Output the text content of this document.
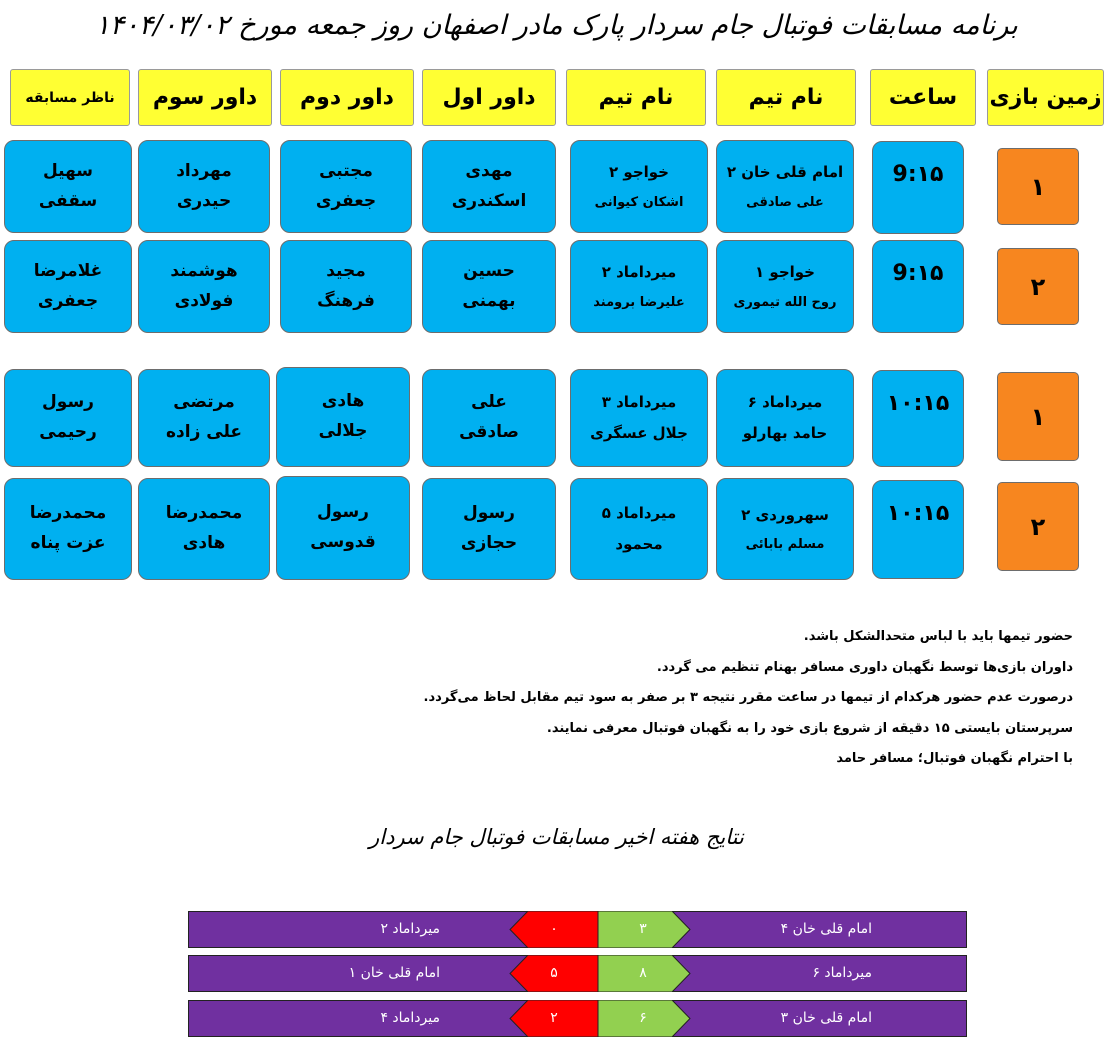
برنامه مسابقات فوتبال جام سردار پارک مادر اصفهان روز جمعه مورخ ۱۴۰۴/۰۳/۰۲
زمین بازی
ساعت
نام تیم
نام تیم
داور اول
داور دوم
داور سوم
ناظر مسابقه
۱
9:۱۵
امام قلی خان ۲
علی صادقی
خواجو ۲
اشکان کیوانی
مهدی
اسکندری
مجتبی
جعفری
مهرداد
حیدری
سهیل
سقفی
۲
9:۱۵
خواجو ۱
روح الله تیموری
میرداماد ۲
علیرضا برومند
حسین
بهمنی
مجید
فرهنگ
هوشمند
فولادی
غلامرضا
جعفری
۱
۱۰:۱۵
میرداماد ۶
حامد بهارلو
میرداماد ۳
جلال عسگری
علی
صادقی
هادی
جلالی
مرتضی
علی زاده
رسول
رحیمی
۲
۱۰:۱۵
سهروردی ۲
مسلم بابائی
میرداماد ۵
محمود
رسول
حجازی
رسول
قدوسی
محمدرضا
هادی
محمدرضا
عزت پناه
حضور تیمها باید با لباس متحدالشکل باشد.
داوران بازی‌ها توسط نگهبان داوری مسافر بهنام تنظیم می گردد.
درصورت عدم حضور هرکدام از تیمها در ساعت مقرر نتیجه ۳ بر صفر به سود تیم مقابل لحاظ می‌گردد.
سرپرستان بایستی ۱۵ دقیقه از شروع بازی خود را به نگهبان فوتبال معرفی نمایند.
با احترام نگهبان فوتبال؛ مسافر حامد
نتایج هفته اخیر مسابقات فوتبال جام سردار
امام قلی خان ۴
۳
۰
میرداماد ۲
میرداماد ۶
۸
۵
امام قلی خان ۱
امام قلی خان ۳
۶
۲
میرداماد ۴
